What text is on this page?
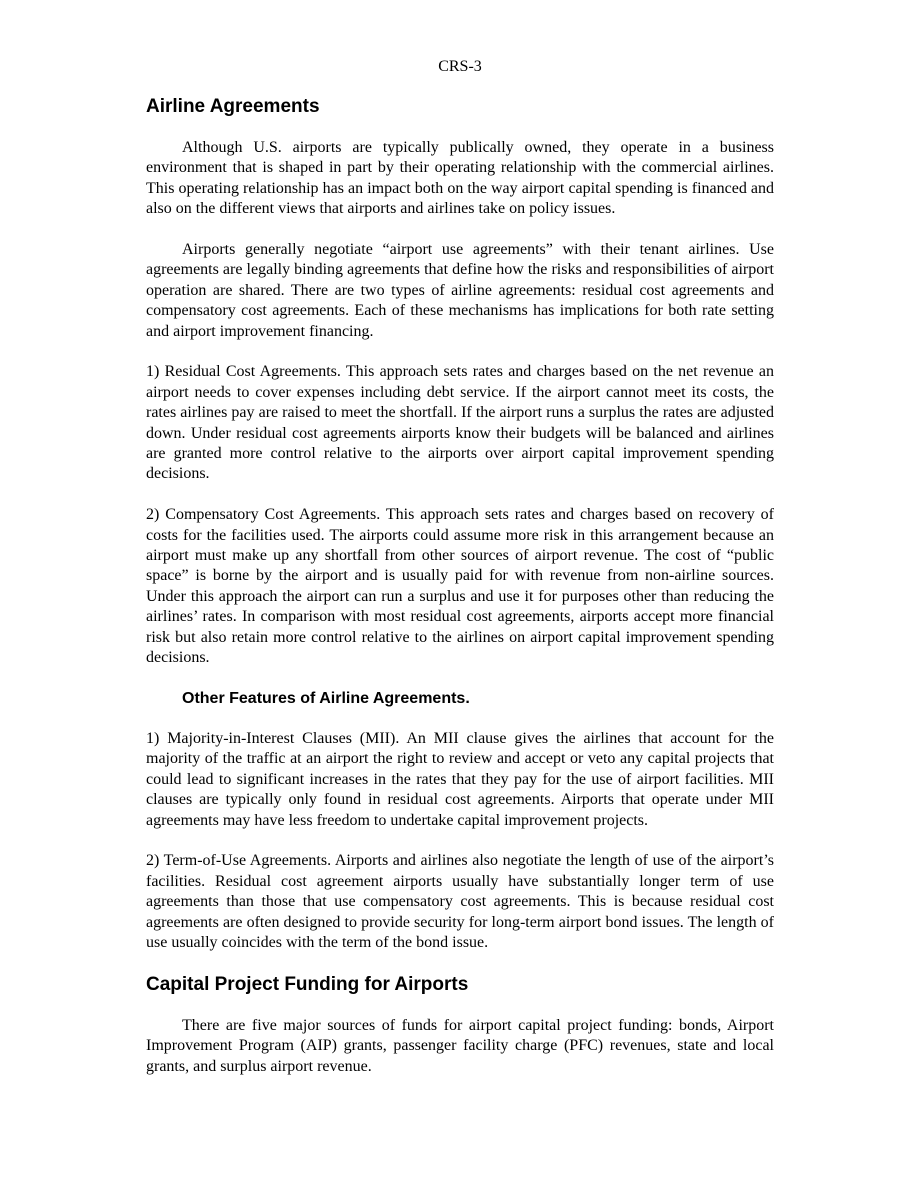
CRS-3
Airline Agreements

Although U.S. airports are typically publically owned, they operate in a business environment that is shaped in part by their operating relationship with the commercial airlines. This operating relationship has an impact both on the way airport capital spending is financed and also on the different views that airports and airlines take on policy issues.

Airports generally negotiate “airport use agreements” with their tenant airlines. Use agreements are legally binding agreements that define how the risks and responsibilities of airport operation are shared. There are two types of airline agreements: residual cost agreements and compensatory cost agreements. Each of these mechanisms has implications for both rate setting and airport improvement financing.

1) Residual Cost Agreements. This approach sets rates and charges based on the net revenue an airport needs to cover expenses including debt service. If the airport cannot meet its costs, the rates airlines pay are raised to meet the shortfall. If the airport runs a surplus the rates are adjusted down. Under residual cost agreements airports know their budgets will be balanced and airlines are granted more control relative to the airports over airport capital improvement spending decisions.

2) Compensatory Cost Agreements. This approach sets rates and charges based on recovery of costs for the facilities used. The airports could assume more risk in this arrangement because an airport must make up any shortfall from other sources of airport revenue. The cost of “public space” is borne by the airport and is usually paid for with revenue from non-airline sources. Under this approach the airport can run a surplus and use it for purposes other than reducing the airlines’ rates. In comparison with most residual cost agreements, airports accept more financial risk but also retain more control relative to the airlines on airport capital improvement spending decisions.

Other Features of Airline Agreements.

1) Majority-in-Interest Clauses (MII). An MII clause gives the airlines that account for the majority of the traffic at an airport the right to review and accept or veto any capital projects that could lead to significant increases in the rates that they pay for the use of airport facilities. MII clauses are typically only found in residual cost agreements. Airports that operate under MII agreements may have less freedom to undertake capital improvement projects.

2) Term-of-Use Agreements. Airports and airlines also negotiate the length of use of the airport’s facilities. Residual cost agreement airports usually have substantially longer term of use agreements than those that use compensatory cost agreements. This is because residual cost agreements are often designed to provide security for long-term airport bond issues. The length of use usually coincides with the term of the bond issue.

Capital Project Funding for Airports

There are five major sources of funds for airport capital project funding: bonds, Airport Improvement Program (AIP) grants, passenger facility charge (PFC) revenues, state and local grants, and surplus airport revenue.
